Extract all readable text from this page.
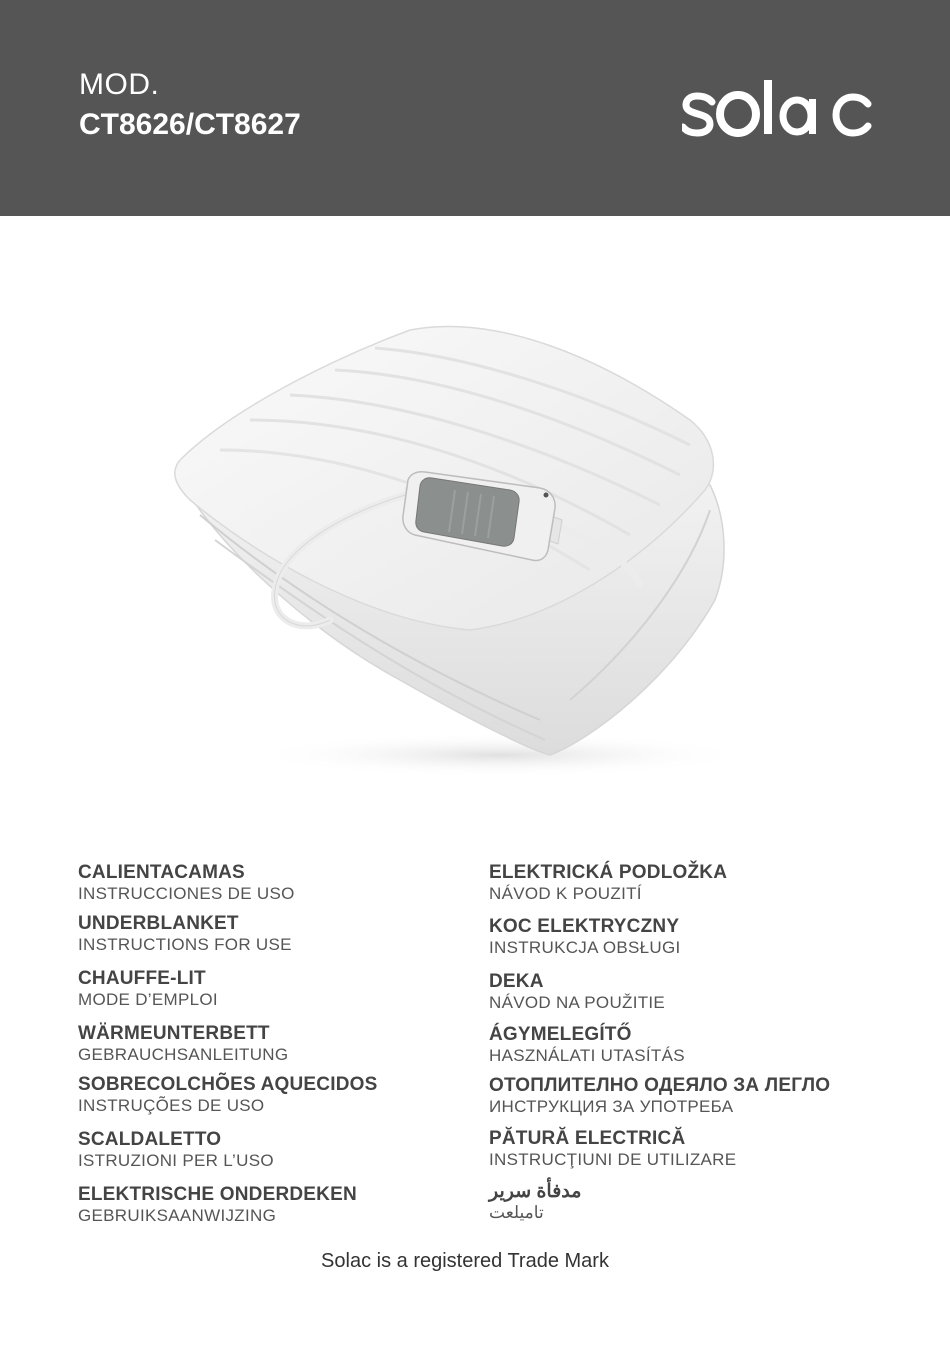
MOD.
CT8626/CT8627
CALIENTACAMAS
INSTRUCCIONES DE USO
UNDERBLANKET
INSTRUCTIONS FOR USE
CHAUFFE-LIT
MODE D’EMPLOI
WÄRMEUNTERBETT
GEBRAUCHSANLEITUNG
SOBRECOLCHÕES AQUECIDOS
INSTRUÇÕES DE USO
SCALDALETTO
ISTRUZIONI PER L’USO
ELEKTRISCHE ONDERDEKEN
GEBRUIKSAANWIJZING
ELEKTRICKÁ PODLOŽKA
NÁVOD K POUZITÍ
KOC ELEKTRYCZNY
INSTRUKCJA OBSŁUGI
DEKA
NÁVOD NA POUŽITIE
ÁGYMELEGÍTŐ
HASZNÁLATI UTASÍTÁS
ОТОПЛИТЕЛНО ОДЕЯЛО ЗА ЛЕГЛО
ИНСТРУКЦИЯ ЗА УПОТРЕБА
PĂTURĂ ELECTRICĂ
INSTRUCŢIUNI DE UTILIZARE
مدفأة سرير
تاميلعت
Solac is a registered Trade Mark
